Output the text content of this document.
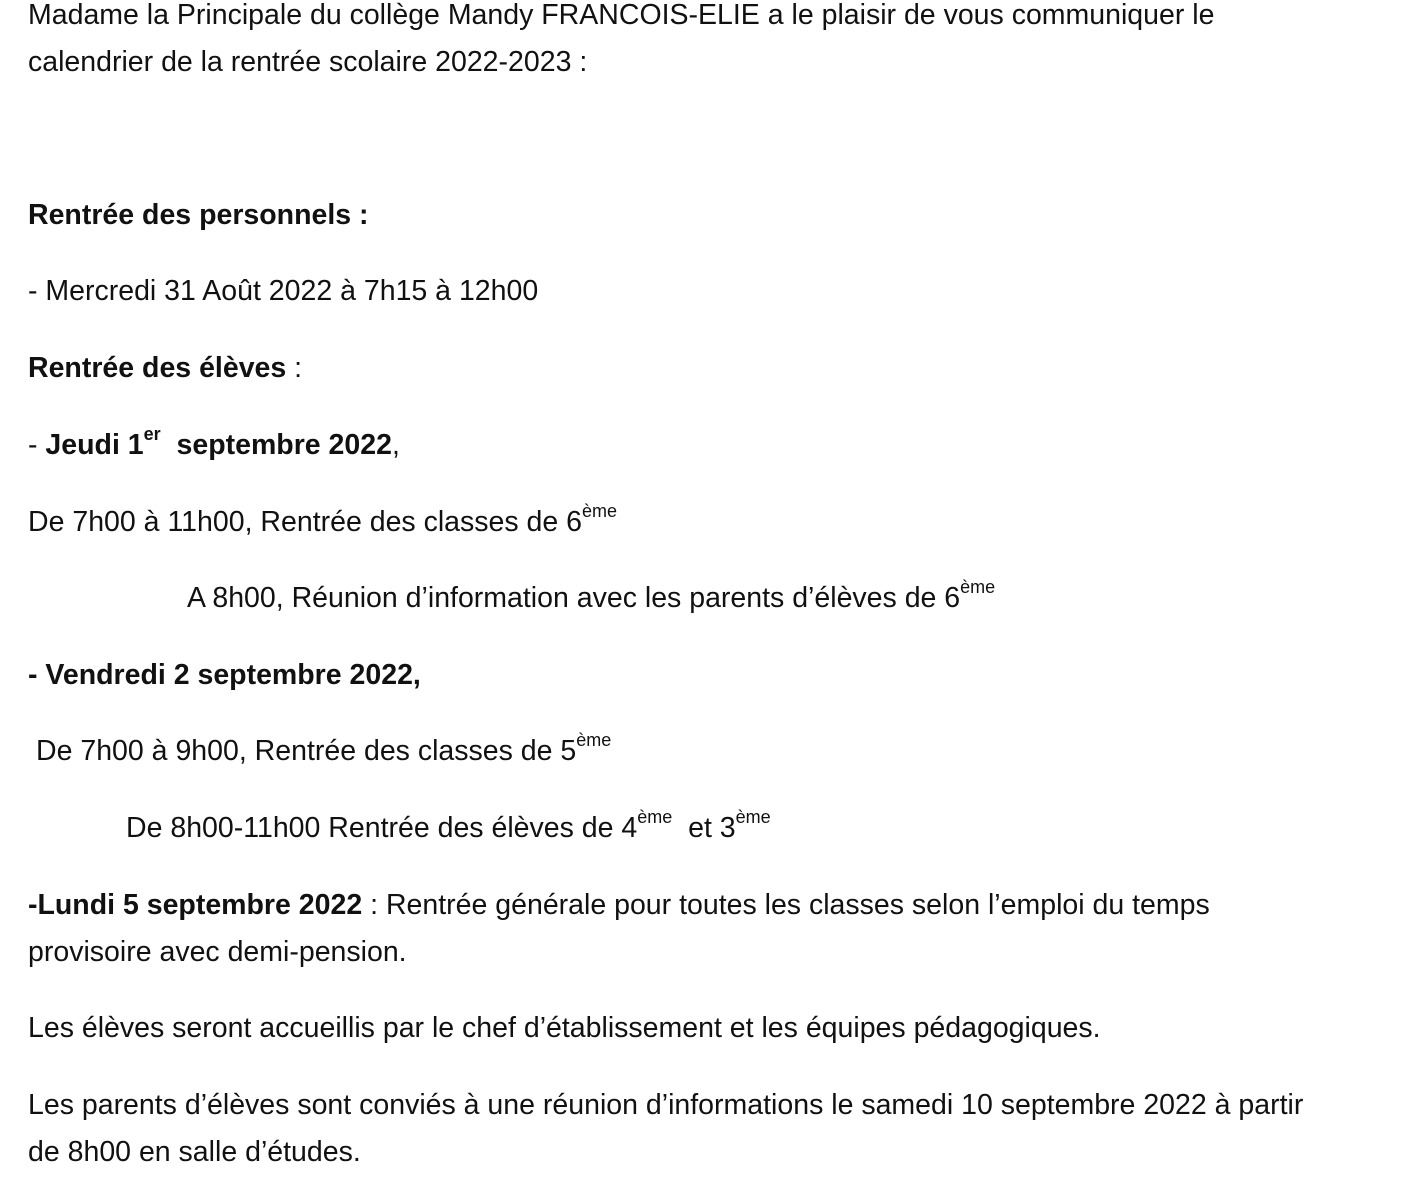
Madame la Principale du collège Mandy FRANCOIS-ELIE a le plaisir de vous communiquer le
calendrier de la rentrée scolaire 2022-2023 :
Rentrée des personnels :
- Mercredi 31 Août 2022 à 7h15 à 12h00
Rentrée des élèves :
- Jeudi 1er  septembre 2022,
De 7h00 à 11h00, Rentrée des classes de 6ème
A 8h00, Réunion d’information avec les parents d’élèves de 6ème
- Vendredi 2 septembre 2022,
De 7h00 à 9h00, Rentrée des classes de 5ème
De 8h00-11h00 Rentrée des élèves de 4ème  et 3ème
-Lundi 5 septembre 2022 : Rentrée générale pour toutes les classes selon l’emploi du temps
provisoire avec demi-pension.
Les élèves seront accueillis par le chef d’établissement et les équipes pédagogiques.
Les parents d’élèves sont conviés à une réunion d’informations le samedi 10 septembre 2022 à partir
de 8h00 en salle d’études.
